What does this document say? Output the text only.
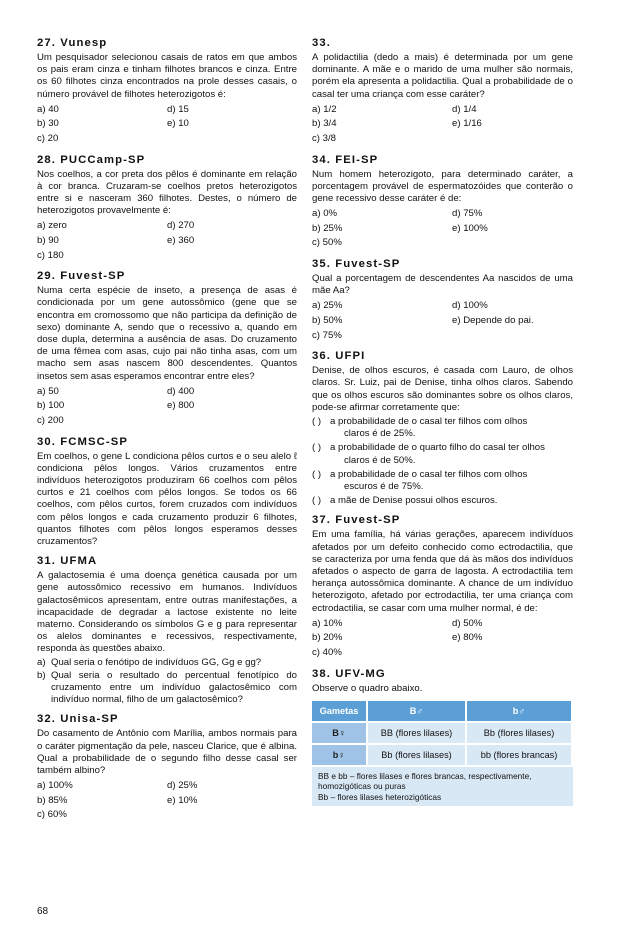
27. Vunesp

Um pesquisador selecionou casais de ratos em que ambos os pais eram cinza e tinham filhotes brancos e cinza. Entre os 60 filhotes cinza encontrados na prole desses casais, o número provável de filhotes heterozigotos é:

a) 40	d) 15
b) 30	e) 10
c) 20
28. PUCCamp-SP

Nos coelhos, a cor preta dos pêlos é dominante em relação à cor branca. Cruzaram-se coelhos pretos heterozigotos entre si e nasceram 360 filhotes. Destes, o número de heterozigotos provavelmente é:

a) zero	d) 270
b) 90	e) 360
c) 180
29. Fuvest-SP

Numa certa espécie de inseto, a presença de asas é condicionada por um gene autossômico (gene que se encontra em cromossomo que não participa da definição de sexo) dominante A, sendo que o recessivo a, quando em dose dupla, determina a ausência de asas. Do cruzamento de uma fêmea com asas, cujo pai não tinha asas, com um macho sem asas nascem 800 descendentes. Quantos insetos sem asas esperamos encontrar entre eles?

a) 50	d) 400
b) 100	e) 800
c) 200
30. FCMSC-SP

Em coelhos, o gene L condiciona pêlos curtos e o seu alelo ℓ condiciona pêlos longos. Vários cruzamentos entre indivíduos heterozigotos produziram 66 coelhos com pêlos curtos e 21 coelhos com pêlos longos. Se todos os 66 coelhos, com pêlos curtos, forem cruzados com indivíduos com pêlos longos e cada cruzamento produzir 6 filhotes, quantos filhotes com pêlos longos esperamos desses cruzamentos?

31. UFMA

A galactosemia é uma doença genética causada por um gene autossômico recessivo em humanos. Indivíduos galactosêmicos apresentam, entre outras manifestações, a incapacidade de degradar a lactose existente no leite materno. Considerando os símbolos G e g para representar os alelos dominantes e recessivos, respectivamente, responda às questões abaixo.

a) Qual seria o fenótipo de indivíduos GG, Gg e gg?
b) Qual seria o resultado do percentual fenotípico do cruzamento entre um indivíduo galactosêmico com indivíduo normal, filho de um galactosêmico?
32. Unisa-SP

Do casamento de Antônio com Marília, ambos normais para o caráter pigmentação da pele, nasceu Clarice, que é albina. Qual a probabilidade de o segundo filho desse casal ser também albino?

a) 100%	d) 25%
b) 85%	e) 10%
c) 60%
33.

A polidactilia (dedo a mais) é determinada por um gene dominante. A mãe e o marido de uma mulher são normais, porém ela apresenta a polidactilia. Qual a probabilidade de o casal ter uma criança com esse caráter?

a) 1/2	d) 1/4
b) 3/4	e) 1/16
c) 3/8
34. FEI-SP

Num homem heterozigoto, para determinado caráter, a porcentagem provável de espermatozóides que conterão o gene recessivo desse caráter é de:

a) 0%	d) 75%
b) 25%	e) 100%
c) 50%
35. Fuvest-SP

Qual a porcentagem de descendentes Aa nascidos de uma mãe Aa?

a) 25%	d) 100%
b) 50%	e) Depende do pai.
c) 75%
36. UFPI

Denise, de olhos escuros, é casada com Lauro, de olhos claros. Sr. Luiz, pai de Denise, tinha olhos claros. Sabendo que os olhos escuros são dominantes sobre os olhos claros, pode-se afirmar corretamente que:

( ) a probabilidade de o casal ter filhos com olhos
claros é de 25%.
( ) a probabilidade de o quarto filho do casal ter olhos
claros é de 50%.
( ) a probabilidade de o casal ter filhos com olhos
escuros é de 75%.
( ) a mãe de Denise possui olhos escuros.
37. Fuvest-SP

Em uma família, há várias gerações, aparecem indivíduos afetados por um defeito conhecido como ectrodactilia, que se caracteriza por uma fenda que dá às mãos dos indivíduos afetados o aspecto de garra de lagosta. A ectrodactilia tem herança autossômica dominante. A chance de um indivíduo heterozigoto, afetado por ectrodactilia, ter uma criança com ectrodactilia, se casar com uma mulher normal, é de:

a) 10%	d) 50%
b) 20%	e) 80%
c) 40%
38. UFV-MG

Observe o quadro abaixo.

Gametas	B♂	b♂
B♀	BB (flores lilases)	Bb (flores lilases)
b♀	Bb (flores lilases)	bb (flores brancas)
BB e bb – flores lilases e flores brancas, respectivamente, homozigóticas ou puras
Bb – flores lilases heterozigóticas
68
